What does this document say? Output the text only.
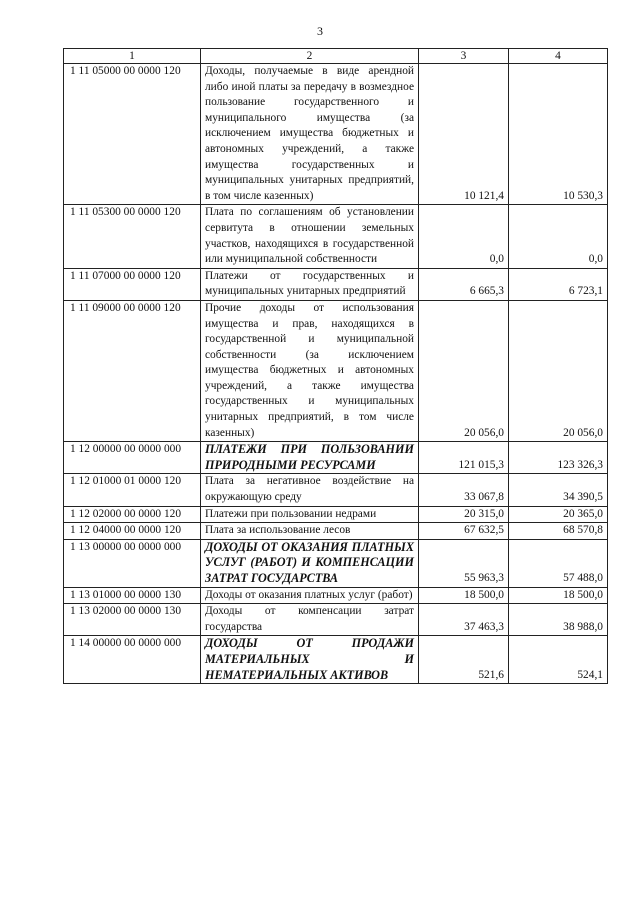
3
1	2	3	4
1 11 05000 00 0000 120	Доходы, получаемые в виде арендной либо иной платы за передачу в возмездное пользование государственного и муниципального имущества (за исключением имущества бюджетных и автономных учреждений, а также имущества государственных и муниципальных унитарных предприятий, в том числе казенных)	10 121,4	10 530,3
1 11 05300 00 0000 120	Плата по соглашениям об установлении сервитута в отношении земельных участков, находящихся в государственной или муниципальной собственности	0,0	0,0
1 11 07000 00 0000 120	Платежи от государственных и муниципальных унитарных предприятий	6 665,3	6 723,1
1 11 09000 00 0000 120	Прочие доходы от использования имущества и прав, находящихся в государственной и муниципальной собственности (за исключением имущества бюджетных и автономных учреждений, а также имущества государственных и муниципальных унитарных предприятий, в том числе казенных)	20 056,0	20 056,0
1 12 00000 00 0000 000	ПЛАТЕЖИ ПРИ ПОЛЬЗОВАНИИ ПРИРОДНЫМИ РЕСУРСАМИ	121 015,3	123 326,3
1 12 01000 01 0000 120	Плата за негативное воздействие на окружающую среду	33 067,8	34 390,5
1 12 02000 00 0000 120	Платежи при пользовании недрами	20 315,0	20 365,0
1 12 04000 00 0000 120	Плата за использование лесов	67 632,5	68 570,8
1 13 00000 00 0000 000	ДОХОДЫ ОТ ОКАЗАНИЯ ПЛАТНЫХ УСЛУГ (РАБОТ) И КОМПЕНСАЦИИ ЗАТРАТ ГОСУДАРСТВА	55 963,3	57 488,0
1 13 01000 00 0000 130	Доходы от оказания платных услуг (работ)	18 500,0	18 500,0
1 13 02000 00 0000 130	Доходы от компенсации затрат государства	37 463,3	38 988,0
1 14 00000 00 0000 000	ДОХОДЫ ОТ ПРОДАЖИ МАТЕРИАЛЬНЫХ И НЕМАТЕРИАЛЬНЫХ АКТИВОВ	521,6	524,1
